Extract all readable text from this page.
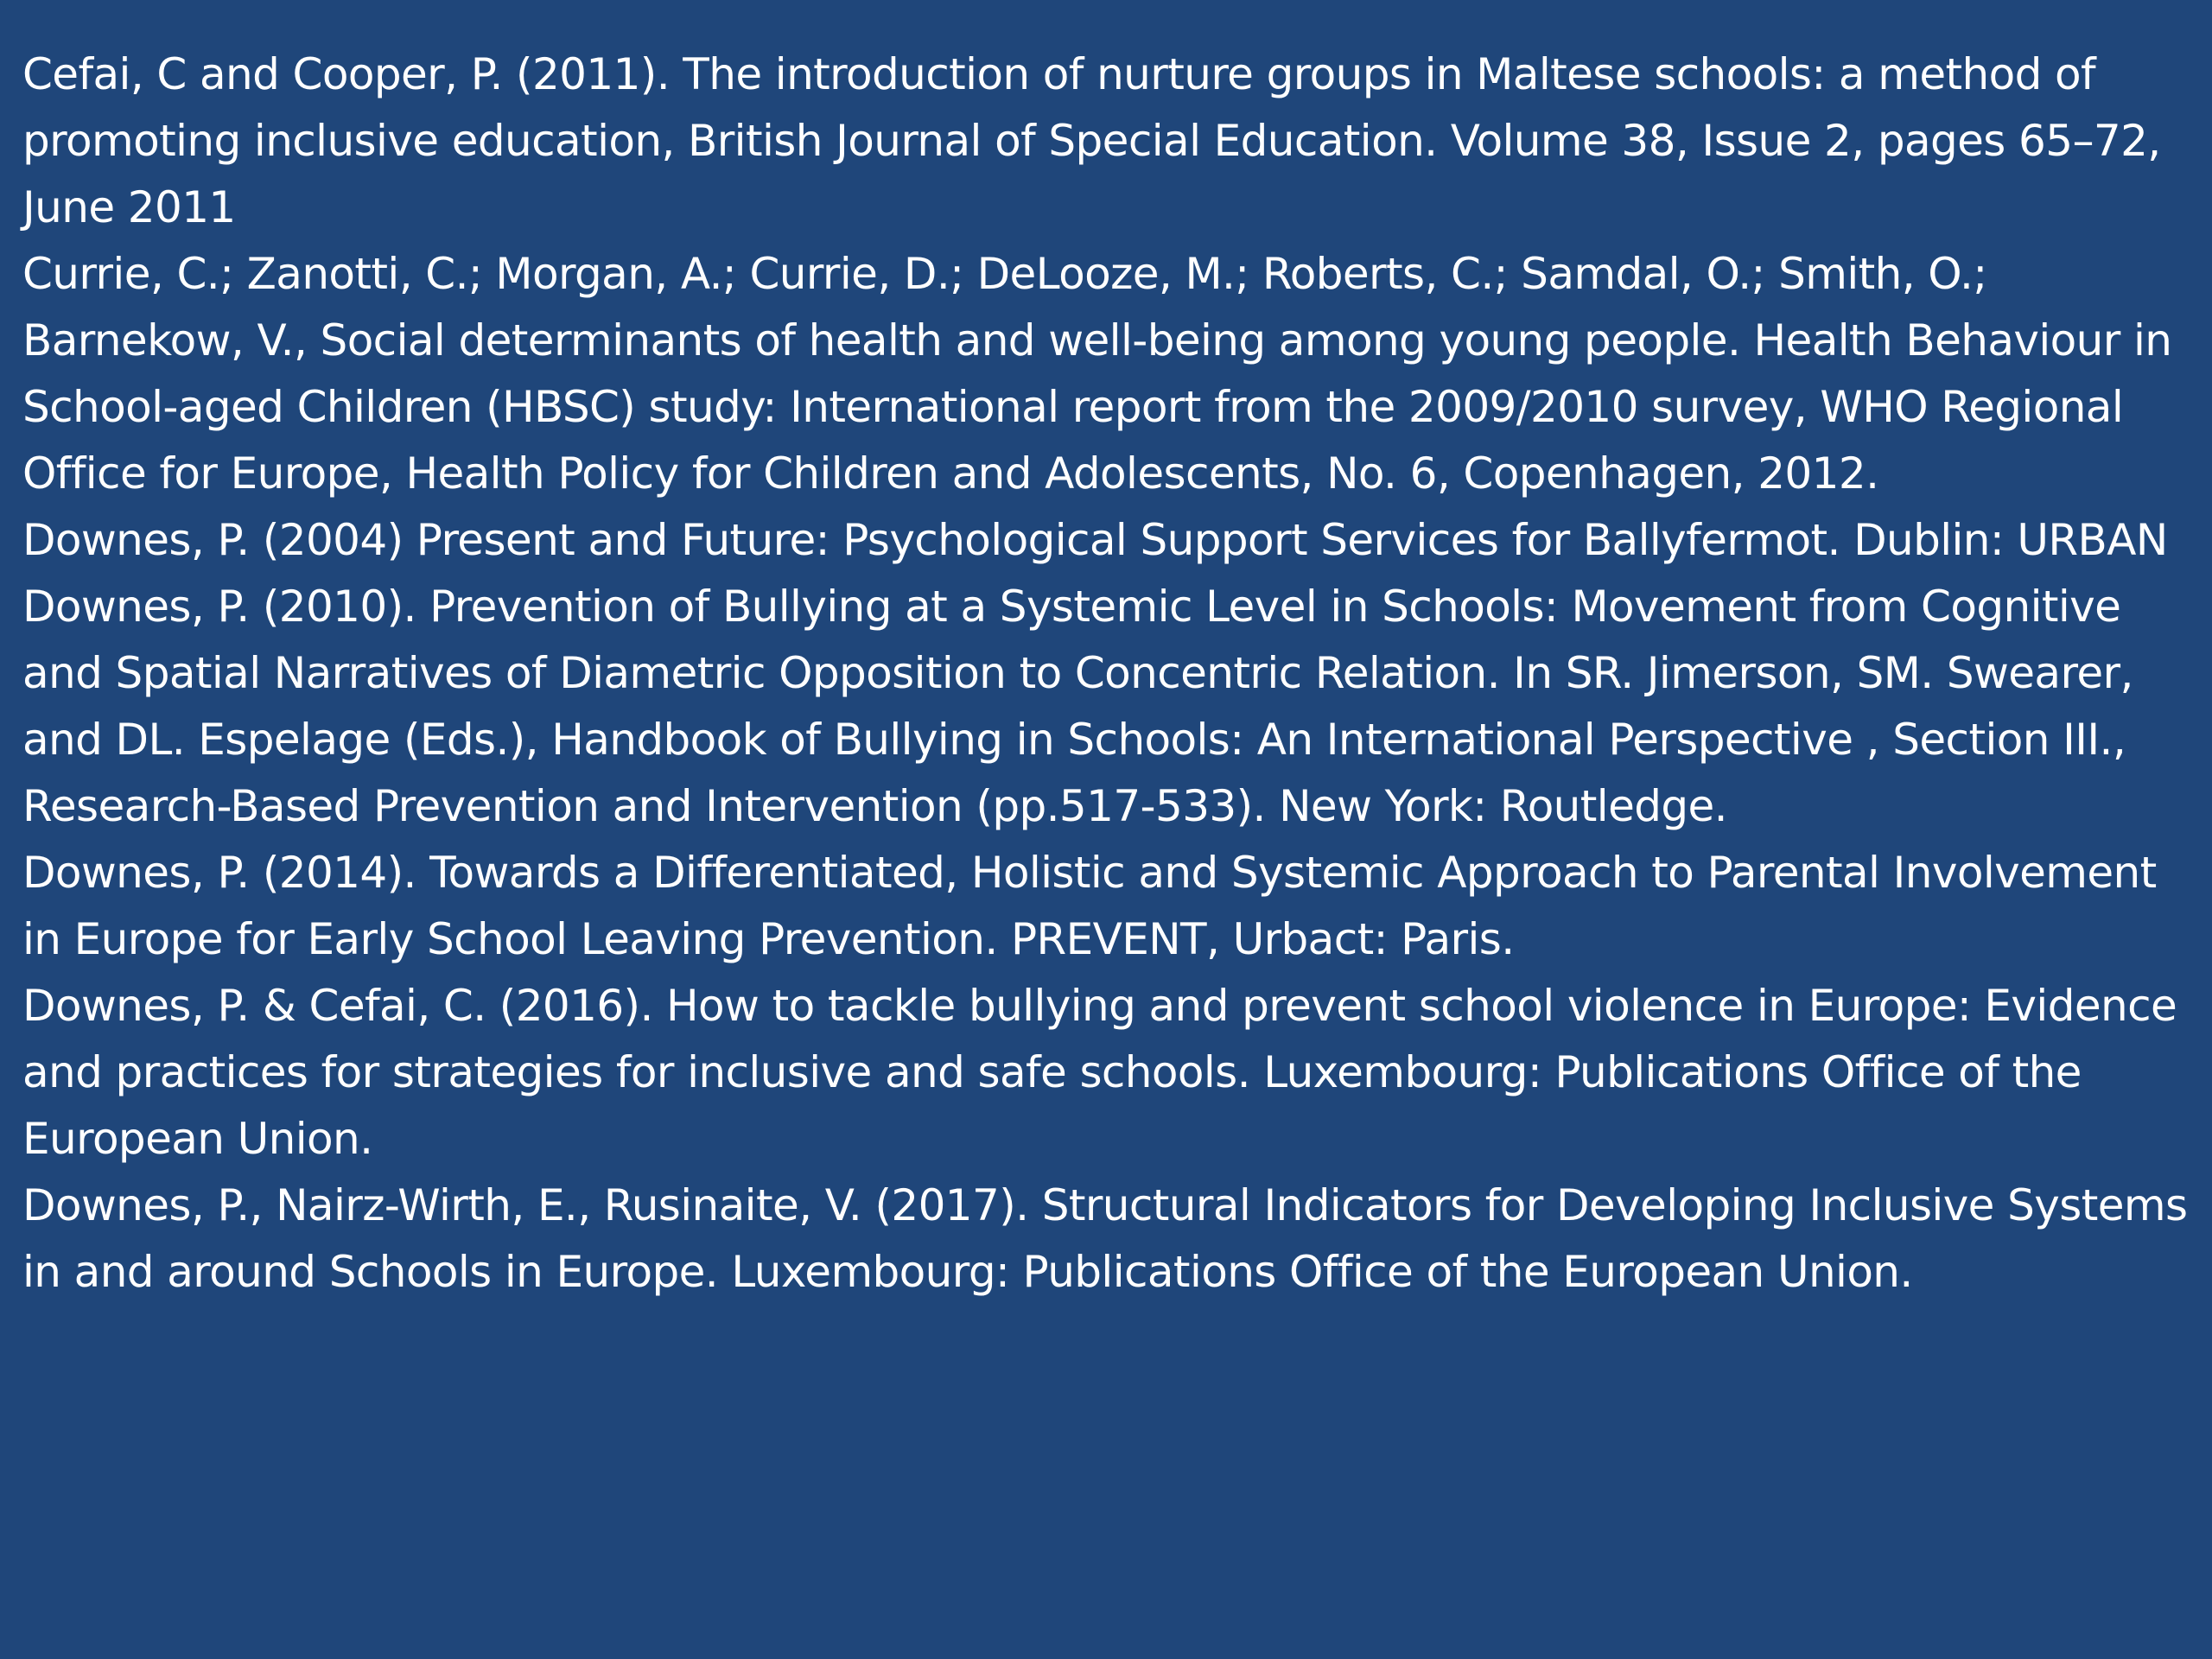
Cefai, C and Cooper, P. (2011). The introduction of nurture groups in Maltese schools: a method of promoting inclusive education, British Journal of Special Education. Volume 38, Issue 2, pages 65–72, June 2011
Currie, C.; Zanotti, C.; Morgan, A.; Currie, D.; DeLooze, M.; Roberts, C.; Samdal, O.; Smith, O.; Barnekow, V., Social determinants of health and well-being among young people. Health Behaviour in School-aged Children (HBSC) study: International report from the 2009/2010 survey, WHO Regional Office for Europe, Health Policy for Children and Adolescents, No. 6, Copenhagen, 2012.
Downes, P. (2004) Present and Future: Psychological Support Services for Ballyfermot. Dublin: URBAN
Downes, P. (2010). Prevention of Bullying at a Systemic Level in Schools: Movement from Cognitive and Spatial Narratives of Diametric Opposition to Concentric Relation. In SR. Jimerson, SM. Swearer, and DL. Espelage (Eds.), Handbook of Bullying in Schools: An International Perspective , Section III., Research-Based Prevention and Intervention (pp.517-533). New York: Routledge.
Downes, P. (2014). Towards a Differentiated, Holistic and Systemic Approach to Parental Involvement in Europe for Early School Leaving Prevention. PREVENT, Urbact: Paris.
Downes, P. & Cefai, C. (2016). How to tackle bullying and prevent school violence in Europe: Evidence and practices for strategies for inclusive and safe schools. Luxembourg: Publications Office of the European Union.
Downes, P., Nairz-Wirth, E., Rusinaite, V. (2017). Structural Indicators for Developing Inclusive Systems in and around Schools in Europe. Luxembourg: Publications Office of the European Union.
